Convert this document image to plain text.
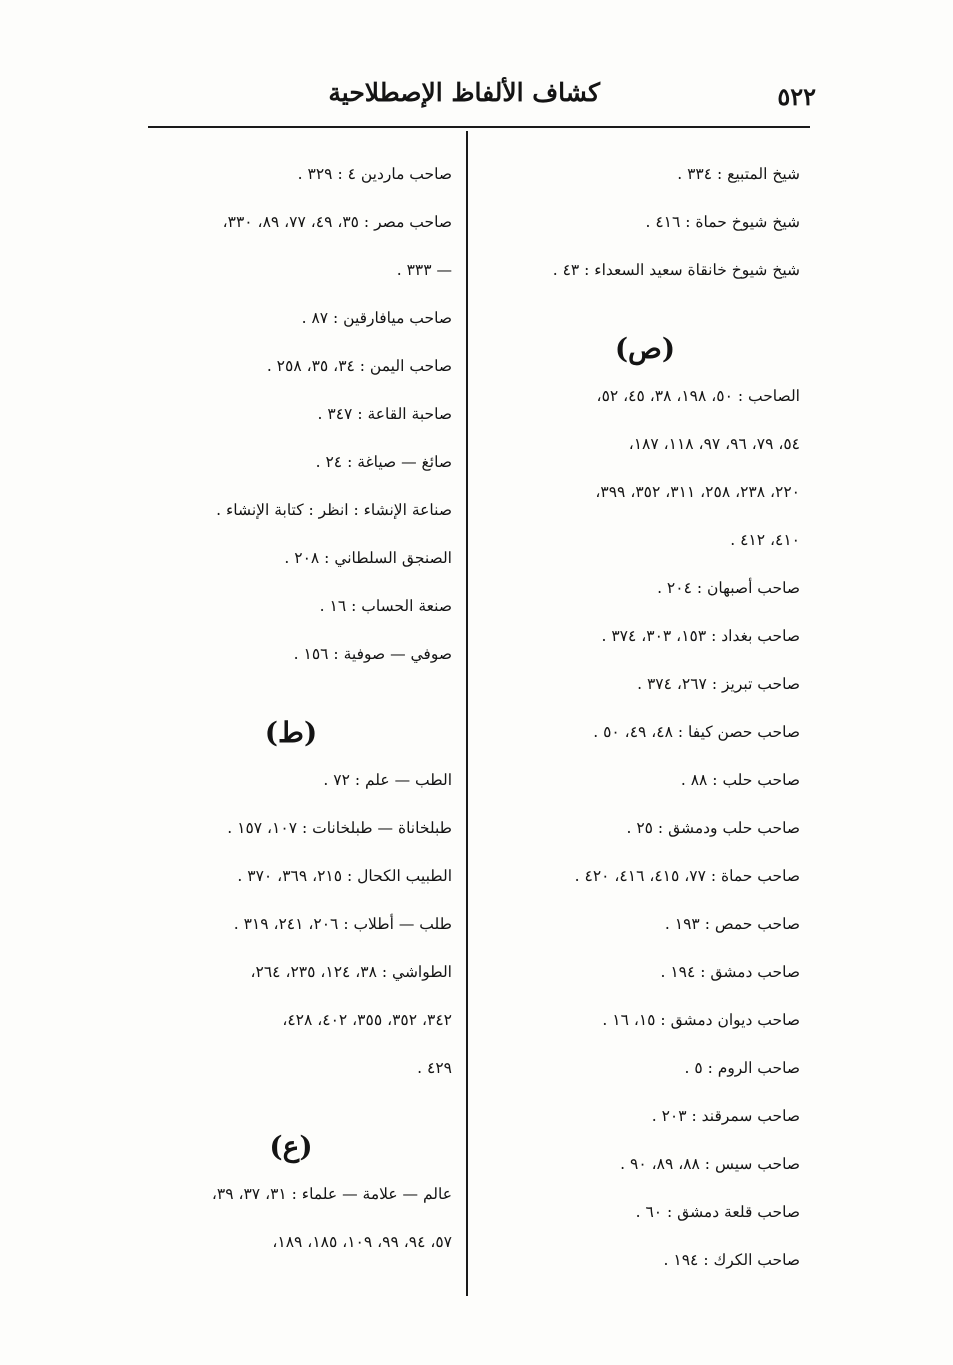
٥٢٢
كشاف الألفاظ الإصطلاحية
شيخ المتبيع : ٣٣٤ .
شيخ شيوخ حماة : ٤١٦ .
شيخ شيوخ خانقاة سعيد السعداء : ٤٣ .
(ص)
الصاحب : ٥٠، ١٩٨، ٣٨، ٤٥، ٥٢،
٥٤، ٧٩، ٩٦، ٩٧، ١١٨، ١٨٧،
٢٢٠، ٢٣٨، ٢٥٨، ٣١١، ٣٥٢، ٣٩٩،
٤١٠، ٤١٢ .
صاحب أصبهان : ٢٠٤ .
صاحب بغداد : ١٥٣، ٣٠٣، ٣٧٤ .
صاحب تبريز : ٢٦٧، ٣٧٤ .
صاحب حصن كيفا : ٤٨، ٤٩، ٥٠ .
صاحب حلب : ٨٨ .
صاحب حلب ودمشق : ٢٥ .
صاحب حماة : ٧٧، ٤١٥، ٤١٦، ٤٢٠ .
صاحب حمص : ١٩٣ .
صاحب دمشق : ١٩٤ .
صاحب ديوان دمشق : ١٥، ١٦ .
صاحب الروم : ٥ .
صاحب سمرقند : ٢٠٣ .
صاحب سيس : ٨٨، ٨٩، ٩٠ .
صاحب قلعة دمشق : ٦٠ .
صاحب الكرك : ١٩٤ .
صاحب ماردين ٤ : ٣٢٩ .
صاحب مصر : ٣٥، ٤٩، ٧٧، ٨٩، ٣٣٠،
— ٣٣٣ .
صاحب ميافارقين : ٨٧ .
صاحب اليمن : ٣٤، ٣٥، ٢٥٨ .
صاحبة القاعة : ٣٤٧ .
صائغ — صياغة : ٢٤ .
صناعة الإنشاء : انظر : كتابة الإنشاء .
الصنجق السلطاني : ٢٠٨ .
صنعة الحساب : ١٦ .
صوفي — صوفية : ١٥٦ .
(ط)
الطب — علم : ٧٢ .
طبلخاناة — طبلخانات : ١٠٧، ١٥٧ .
الطبيب الكحال : ٢١٥، ٣٦٩، ٣٧٠ .
طلب — أطلاب : ٢٠٦، ٢٤١، ٣١٩ .
الطواشي : ٣٨، ١٢٤، ٢٣٥، ٢٦٤،
٣٤٢، ٣٥٢، ٣٥٥، ٤٠٢، ٤٢٨،
٤٢٩ .
(ع)
عالم — علامة — علماء : ٣١، ٣٧، ٣٩،
٥٧، ٩٤، ٩٩، ١٠٩، ١٨٥، ١٨٩،
